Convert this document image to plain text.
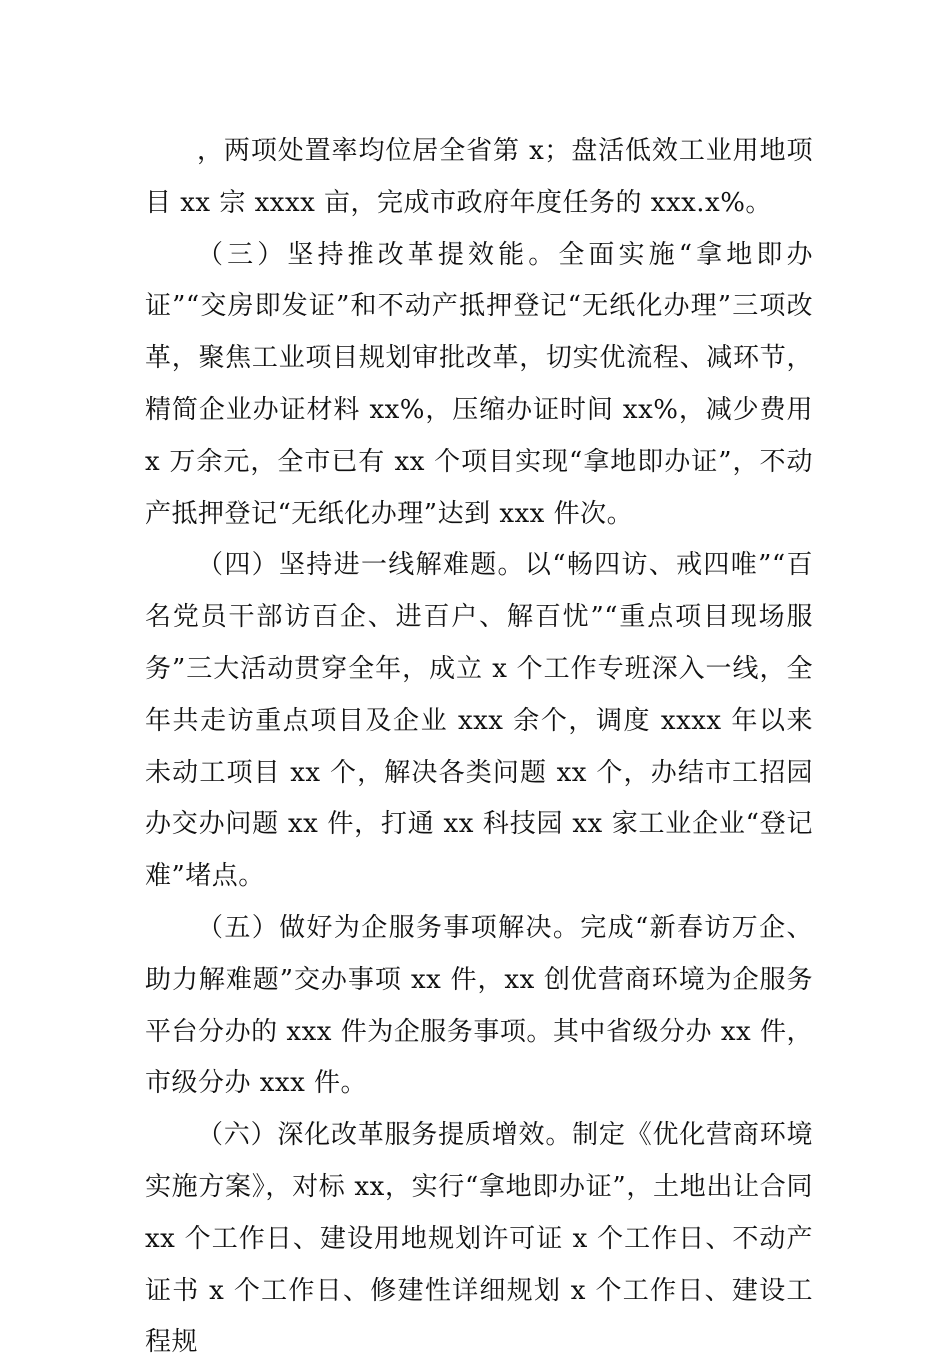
，两项处置率均位居全省第 x；盘活低效工业用地项目 xx 宗 xxxx 亩，完成市政府年度任务的 xxx.x%。

（三）坚持推改革提效能。全面实施“拿地即办证”“交房即发证”和不动产抵押登记“无纸化办理”三项改革，聚焦工业项目规划审批改革，切实优流程、减环节，精简企业办证材料 xx%，压缩办证时间 xx%，减少费用 x 万余元，全市已有 xx 个项目实现“拿地即办证”，不动产抵押登记“无纸化办理”达到 xxx 件次。

（四）坚持进一线解难题。以“畅四访、戒四唯”“百名党员干部访百企、进百户、解百忧”“重点项目现场服务”三大活动贯穿全年，成立 x 个工作专班深入一线，全年共走访重点项目及企业 xxx 余个，调度 xxxx 年以来未动工项目 xx 个，解决各类问题 xx 个，办结市工招园办交办问题 xx 件，打通 xx 科技园 xx 家工业企业“登记难”堵点。

（五）做好为企服务事项解决。完成“新春访万企、助力解难题”交办事项 xx 件，xx 创优营商环境为企服务平台分办的 xxx 件为企服务事项。其中省级分办 xx 件，市级分办 xxx 件。

（六）深化改革服务提质增效。制定《优化营商环境实施方案》，对标 xx，实行“拿地即办证”，土地出让合同 xx 个工作日、建设用地规划许可证 x 个工作日、不动产证书 x 个工作日、修建性详细规划 x 个工作日、建设工程规
